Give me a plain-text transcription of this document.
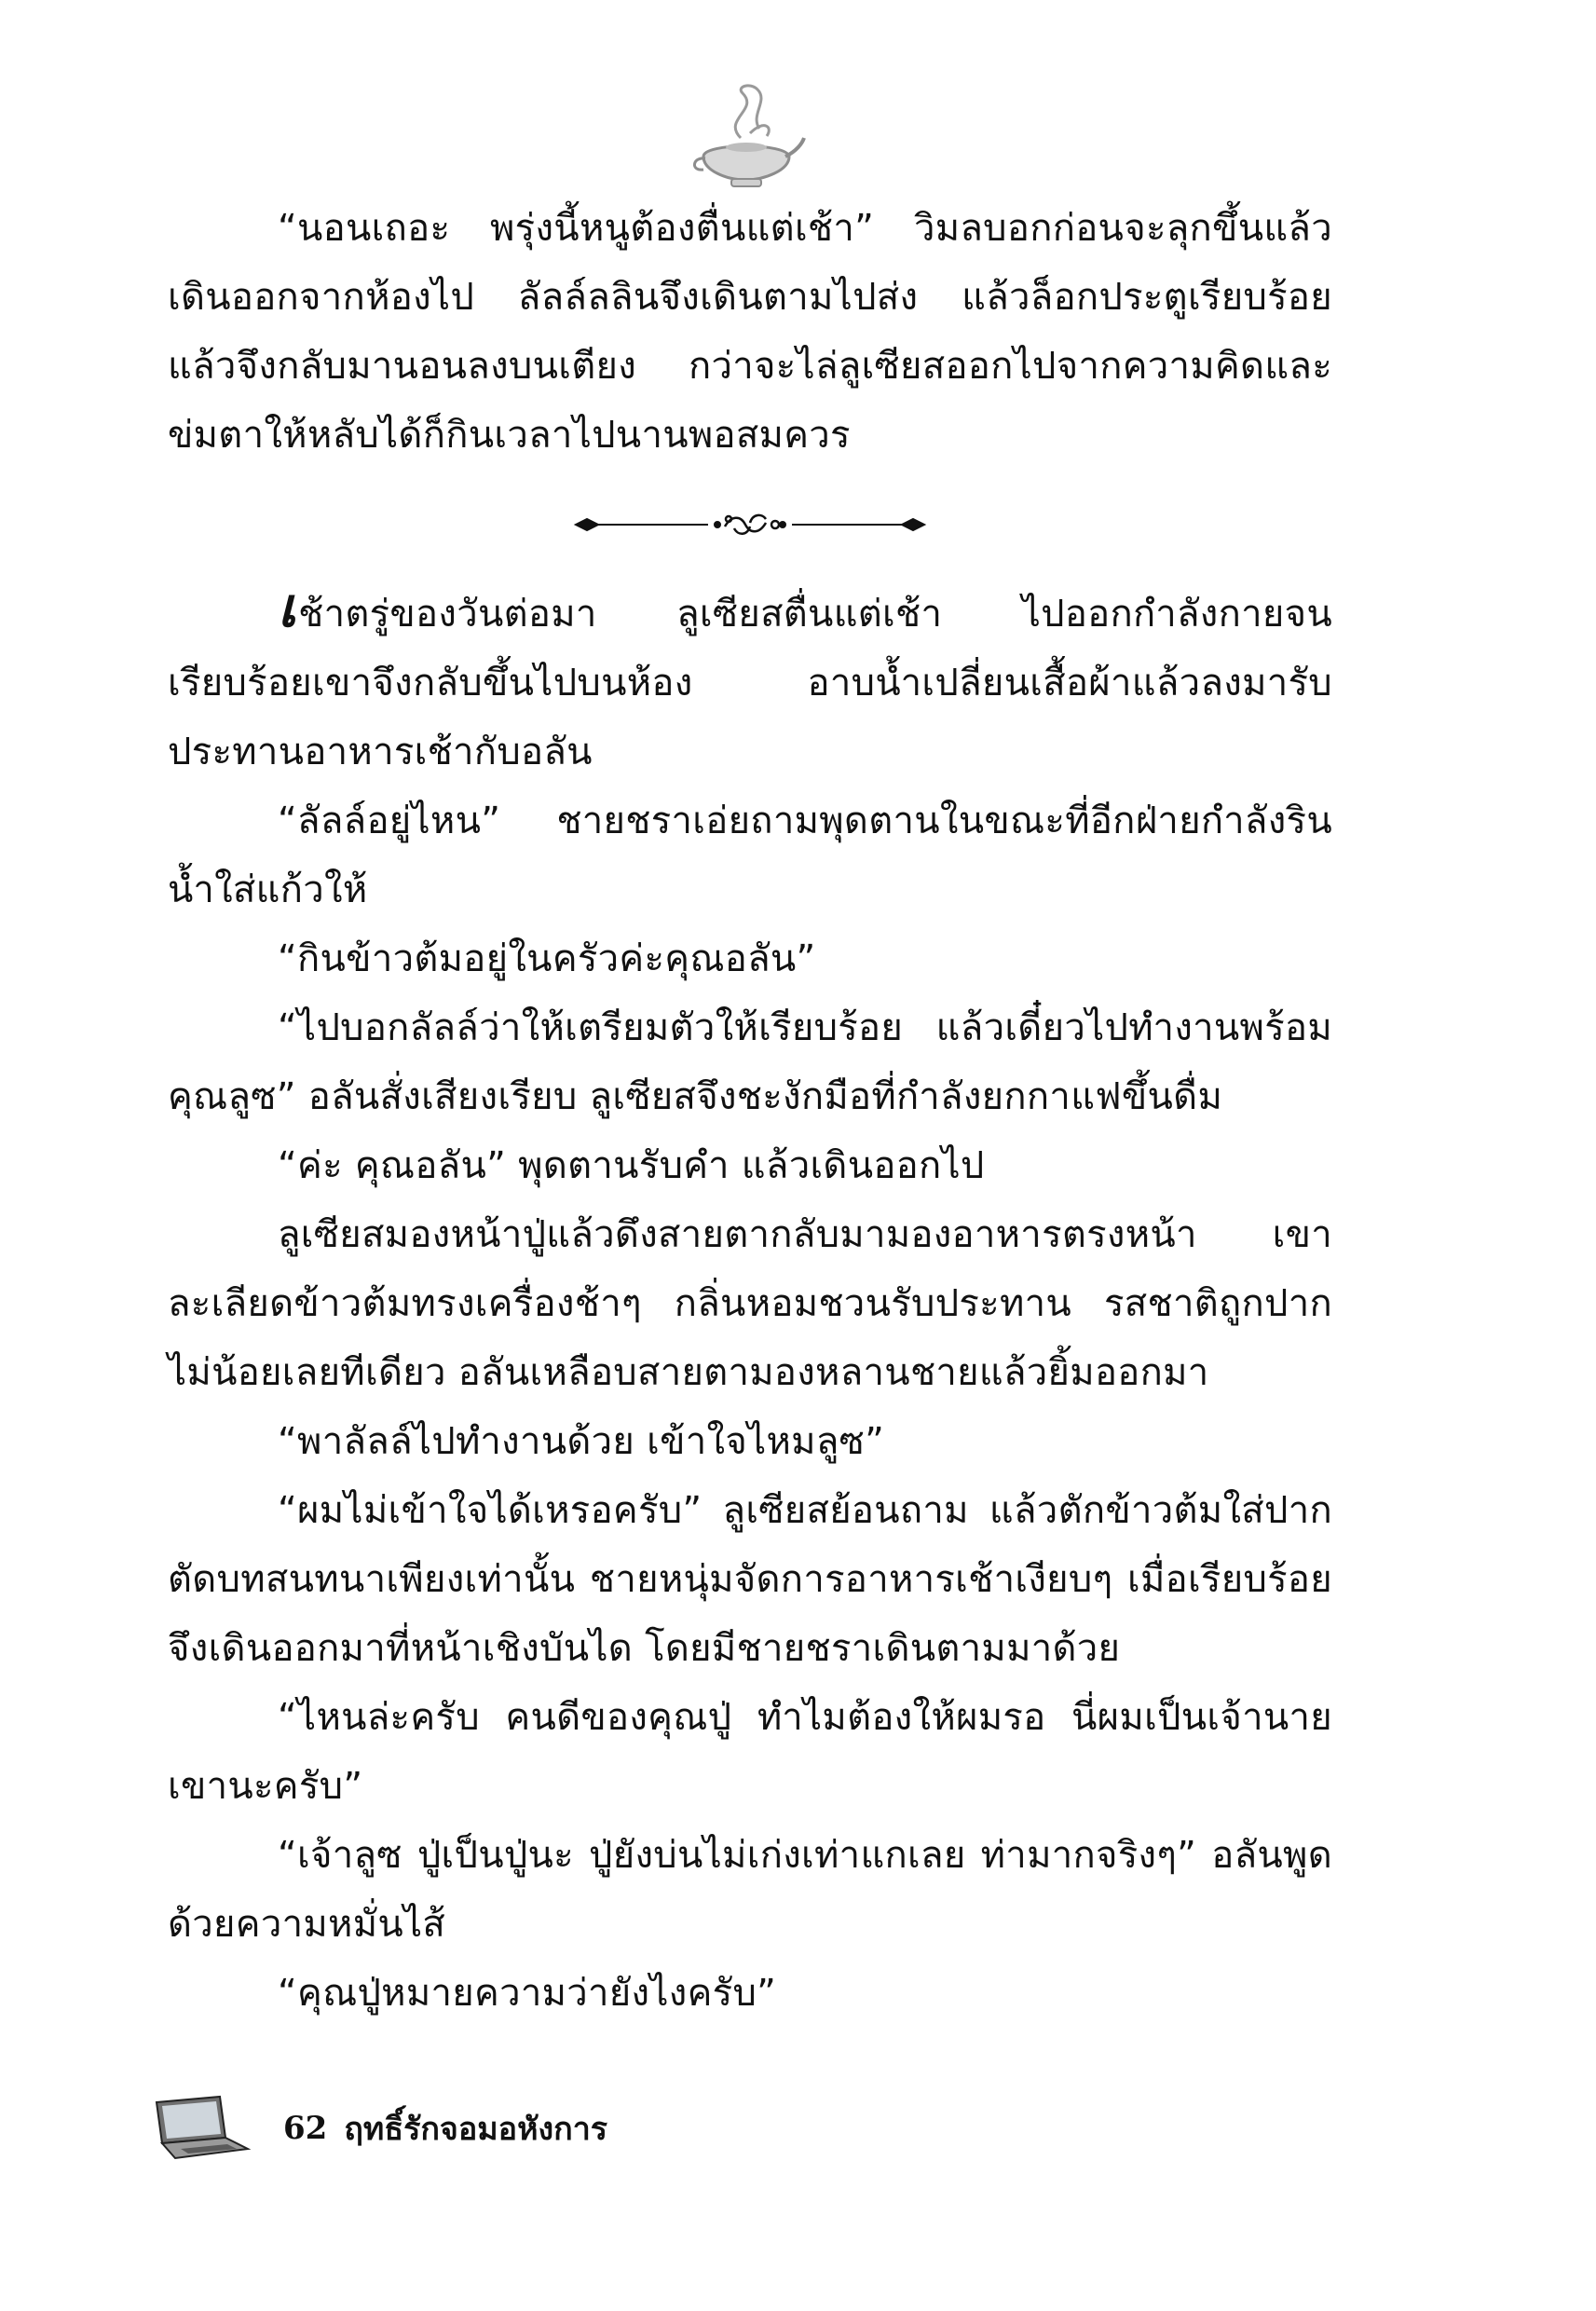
“นอนเถอะ พรุ่งนี้หนูต้องตื่นแต่เช้า” วิมลบอกก่อนจะลุกขึ้นแล้วเดินออกจากห้องไป ลัลล์ลลินจึงเดินตามไปส่ง แล้วล็อกประตูเรียบร้อยแล้วจึงกลับมานอนลงบนเตียง กว่าจะไล่ลูเซียสออกไปจากความคิดและข่มตาให้หลับได้ก็กินเวลาไปนานพอสมควร

เช้าตรู่ของวันต่อมา ลูเซียสตื่นแต่เช้า ไปออกกำลังกายจนเรียบร้อยเขาจึงกลับขึ้นไปบนห้อง อาบน้ำเปลี่ยนเสื้อผ้าแล้วลงมารับประทานอาหารเช้ากับอลัน

“ลัลล์อยู่ไหน” ชายชราเอ่ยถามพุดตานในขณะที่อีกฝ่ายกำลังรินน้ำใส่แก้วให้

“กินข้าวต้มอยู่ในครัวค่ะคุณอลัน”

“ไปบอกลัลล์ว่าให้เตรียมตัวให้เรียบร้อย แล้วเดี๋ยวไปทำงานพร้อมคุณลูซ” อลันสั่งเสียงเรียบ ลูเซียสจึงชะงักมือที่กำลังยกกาแฟขึ้นดื่ม

“ค่ะ คุณอลัน” พุดตานรับคำ แล้วเดินออกไป

ลูเซียสมองหน้าปู่แล้วดึงสายตากลับมามองอาหารตรงหน้า เขาละเลียดข้าวต้มทรงเครื่องช้าๆ กลิ่นหอมชวนรับประทาน รสชาติถูกปากไม่น้อยเลยทีเดียว อลันเหลือบสายตามองหลานชายแล้วยิ้มออกมา

“พาลัลล์ไปทำงานด้วย เข้าใจไหมลูซ”

“ผมไม่เข้าใจได้เหรอครับ” ลูเซียสย้อนถาม แล้วตักข้าวต้มใส่ปากตัดบทสนทนาเพียงเท่านั้น ชายหนุ่มจัดการอาหารเช้าเงียบๆ เมื่อเรียบร้อยจึงเดินออกมาที่หน้าเชิงบันได โดยมีชายชราเดินตามมาด้วย

“ไหนล่ะครับ คนดีของคุณปู่ ทำไมต้องให้ผมรอ นี่ผมเป็นเจ้านายเขานะครับ”

“เจ้าลูซ ปู่เป็นปู่นะ ปู่ยังบ่นไม่เก่งเท่าแกเลย ท่ามากจริงๆ” อลันพูดด้วยความหมั่นไส้

“คุณปู่หมายความว่ายังไงครับ”

62 ฤทธิ์รักจอมอหังการ
